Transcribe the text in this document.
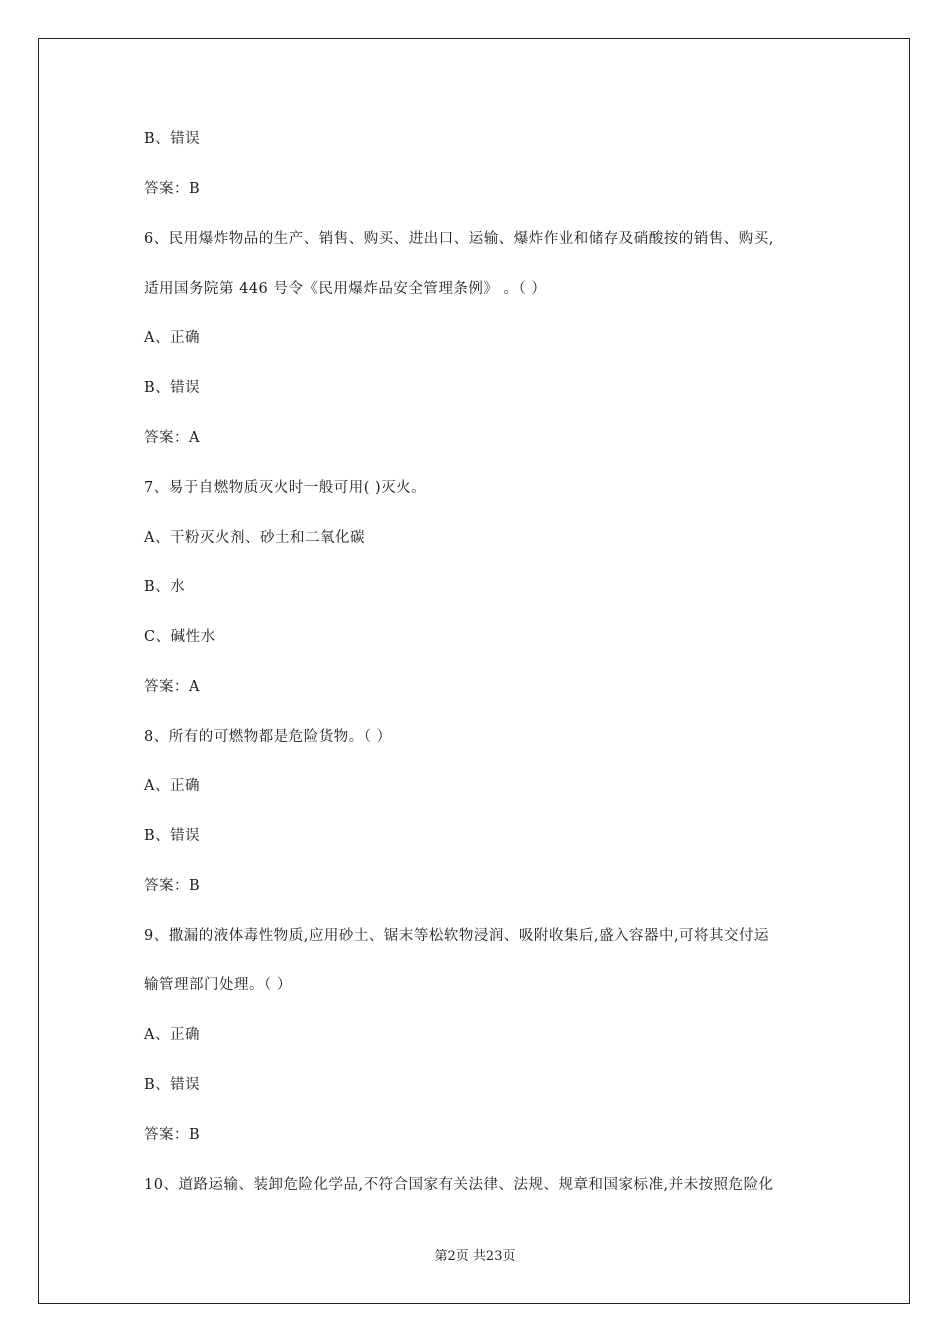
B、错误
答案：B
6、民用爆炸物品的生产、销售、购买、进出口、运输、爆炸作业和储存及硝酸按的销售、购买,
适用国务院第 446 号令《民用爆炸品安全管理条例》 。（ ）
A、正确
B、错误
答案：A
7、易于自燃物质灭火时一般可用( )灭火。
A、干粉灭火剂、砂土和二氧化碳
B、水
C、碱性水
答案：A
8、所有的可燃物都是危险货物。（ ）
A、正确
B、错误
答案：B
9、撒漏的液体毒性物质,应用砂土、锯末等松软物浸润、吸附收集后,盛入容器中,可将其交付运
输管理部门处理。（ ）
A、正确
B、错误
答案：B
10、道路运输、装卸危险化学品,不符合国家有关法律、法规、规章和国家标准,并未按照危险化
第2页 共23页
